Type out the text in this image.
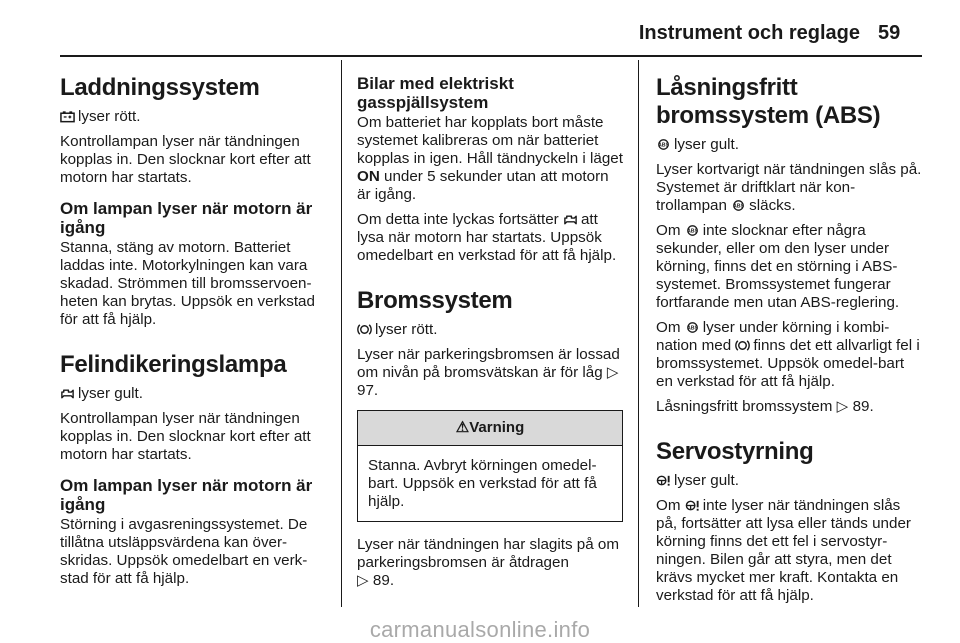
Instrument och reglage 59
Laddningssystem

lyser rött.

Kontrollampan lyser när tändningen kopplas in. Den slocknar kort efter att motorn har startats.

Om lampan lyser när motorn är igång

Stanna, stäng av motorn. Batteriet laddas inte. Motorkylningen kan vara skadad. Strömmen till bromsservoen-heten kan brytas. Uppsök en verkstad för att få hjälp.

Felindikeringslampa

lyser gult.

Kontrollampan lyser när tändningen kopplas in. Den slocknar kort efter att motorn har startats.

Om lampan lyser när motorn är igång

Störning i avgasreningssystemet. De tillåtna utsläppsvärdena kan över-skridas. Uppsök omedelbart en verk-stad för att få hjälp.

Bilar med elektriskt gasspjällsystem

Om batteriet har kopplats bort måste systemet kalibreras om när batteriet kopplas in igen. Håll tändnyckeln i läget ON under 5 sekunder utan att motorn är igång.

Om detta inte lyckas fortsätter att lysa när motorn har startats. Uppsök omedelbart en verkstad för att få hjälp.

Bromssystem

lyser rött.

Lyser när parkeringsbromsen är lossad om nivån på bromsvätskan är för låg ▷ 97.

⚠Varning
Stanna. Avbryt körningen omedel-bart. Uppsök en verkstad för att få hjälp.

Lyser när tändningen har slagits på om parkeringsbromsen är åtdragen
▷ 89.

Låsningsfritt bromssystem (ABS)

ABS lyser gult.

Lyser kortvarigt när tändningen slås på. Systemet är driftklart när kon-trollampan ABS släcks.

Om ABS inte slocknar efter några sekunder, eller om den lyser under körning, finns det en störning i ABS-systemet. Bromssystemet fungerar fortfarande men utan ABS-reglering.

Om ABS lyser under körning i kombi-nation med finns det ett allvarligt fel i bromssystemet. Uppsök omedel-bart en verkstad för att få hjälp.

Låsningsfritt bromssystem ▷ 89.

Servostyrning

lyser gult.

Om inte lyser när tändningen slås på, fortsätter att lysa eller tänds under körning finns det ett fel i servostyr-ningen. Bilen går att styra, men det krävs mycket mer kraft. Kontakta en verkstad för att få hjälp.

carmanualsonline.info
